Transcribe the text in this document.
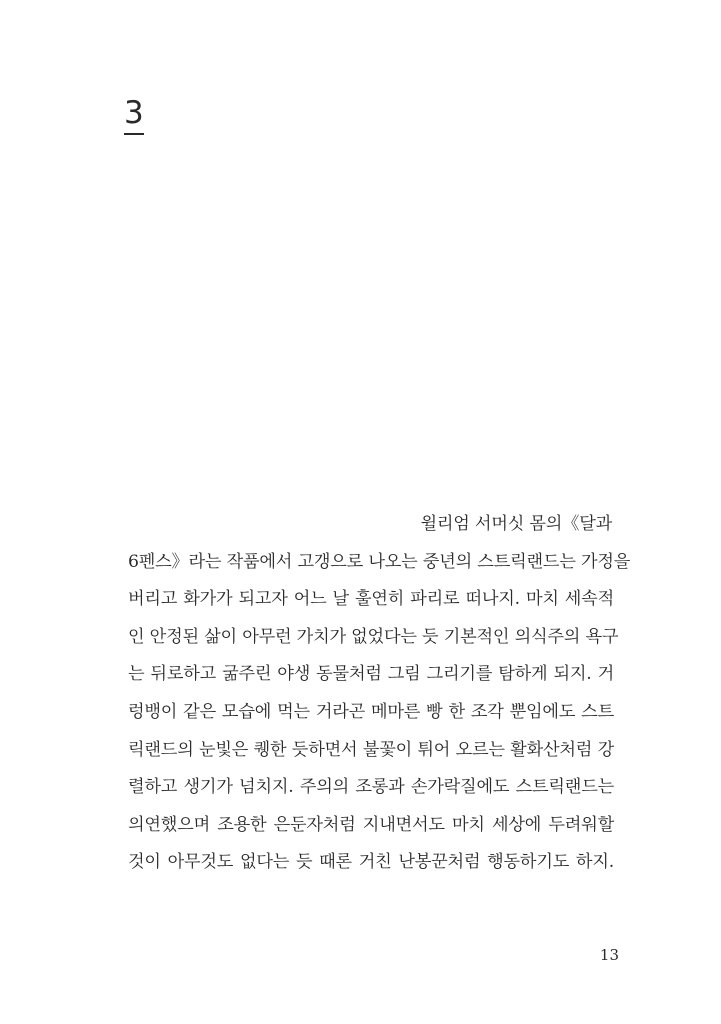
3
윌리엄 서머싯 몸의《달과
6펜스》라는 작품에서 고갱으로 나오는 중년의 스트릭랜드는 가정을
버리고 화가가 되고자 어느 날 훌연히 파리로 떠나지. 마치 세속적
인 안정된 삶이 아무런 가치가 없었다는 듯 기본적인 의식주의 욕구
는 뒤로하고 굶주린 야생 동물처럼 그림 그리기를 탐하게 되지. 거
렁뱅이 같은 모습에 먹는 거라곤 메마른 빵 한 조각 뿐임에도 스트
릭랜드의 눈빛은 퀭한 듯하면서 불꽃이 튀어 오르는 활화산처럼 강
렬하고 생기가 넘치지. 주의의 조롱과 손가락질에도 스트릭랜드는
의연했으며 조용한 은둔자처럼 지내면서도 마치 세상에 두려워할
것이 아무것도 없다는 듯 때론 거친 난봉꾼처럼 행동하기도 하지.
13
